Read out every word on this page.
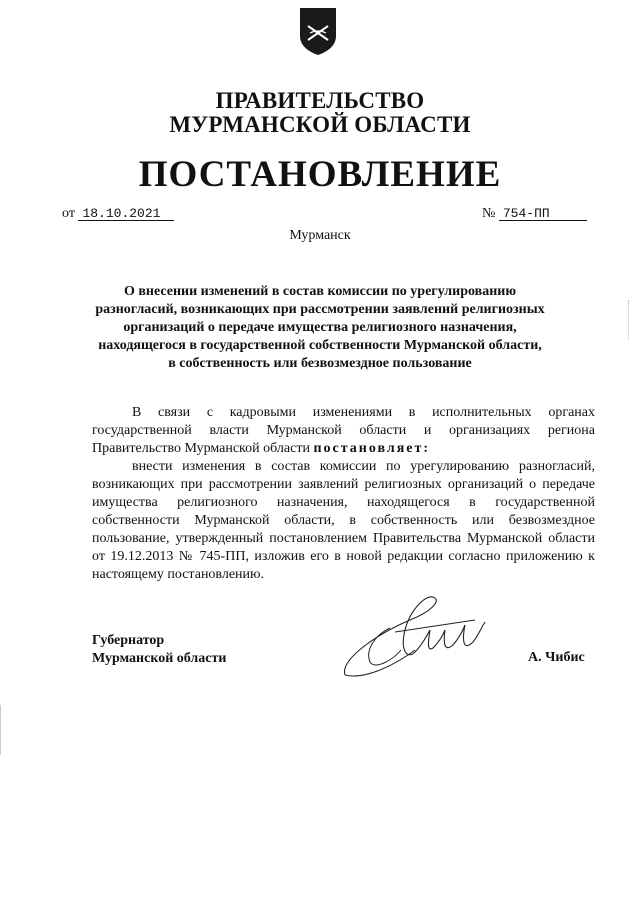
ПРАВИТЕЛЬСТВО
МУРМАНСКОЙ ОБЛАСТИ
ПОСТАНОВЛЕНИЕ
от 18.10.2021	№ 754-ПП
Мурманск
О внесении изменений в состав комиссии по урегулированию
разногласий, возникающих при рассмотрении заявлений религиозных
организаций о передаче имущества религиозного назначения,
находящегося в государственной собственности Мурманской области,
в собственность или безвозмездное пользование
В связи с кадровыми изменениями в исполнительных органах государственной власти Мурманской области и организациях региона Правительство Мурманской области постановляет:
внести изменения в состав комиссии по урегулированию разногласий, возникающих при рассмотрении заявлений религиозных организаций о передаче имущества религиозного назначения, находящегося в государственной собственности Мурманской области, в собственность или безвозмездное пользование, утвержденный постановлением Правительства Мурманской области от 19.12.2013 № 745-ПП, изложив его в новой редакции согласно приложению к настоящему постановлению.
Губернатор
Мурманской области	А. Чибис
